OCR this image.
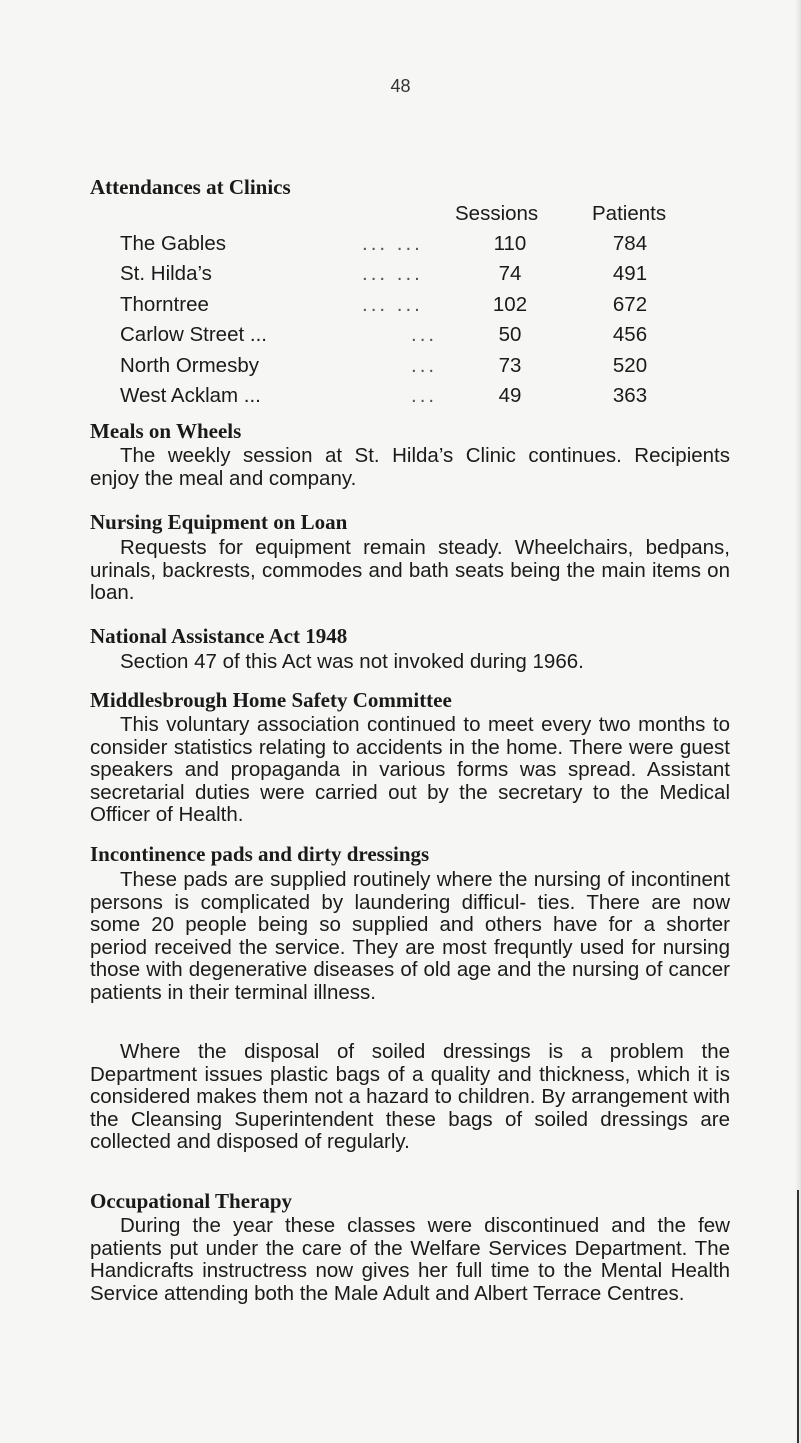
48
Attendances at Clinics
Sessions	Patients
The Gables	... ...	110	784
St. Hilda’s	... ...	74	491
Thorntree	... ...	102	672
Carlow Street ...	...	50	456
North Ormesby	...	73	520
West Acklam ...	...	49	363
Meals on Wheels

The weekly session at St. Hilda’s Clinic continues. Recipients enjoy the meal and company.

Nursing Equipment on Loan

Requests for equipment remain steady. Wheelchairs, bedpans, urinals, backrests, commodes and bath seats being the main items on loan.

National Assistance Act 1948

Section 47 of this Act was not invoked during 1966.

Middlesbrough Home Safety Committee

This voluntary association continued to meet every two months to consider statistics relating to accidents in the home. There were guest speakers and propaganda in various forms was spread. Assistant secretarial duties were carried out by the secretary to the Medical Officer of Health.

Incontinence pads and dirty dressings

These pads are supplied routinely where the nursing of incontinent persons is complicated by laundering difficul- ties. There are now some 20 people being so supplied and others have for a shorter period received the service. They are most frequntly used for nursing those with degenerative diseases of old age and the nursing of cancer patients in their terminal illness.

Where the disposal of soiled dressings is a problem the Department issues plastic bags of a quality and thickness, which it is considered makes them not a hazard to children. By arrangement with the Cleansing Superintendent these bags of soiled dressings are collected and disposed of regularly.

Occupational Therapy

During the year these classes were discontinued and the few patients put under the care of the Welfare Services Department. The Handicrafts instructress now gives her full time to the Mental Health Service attending both the Male Adult and Albert Terrace Centres.
